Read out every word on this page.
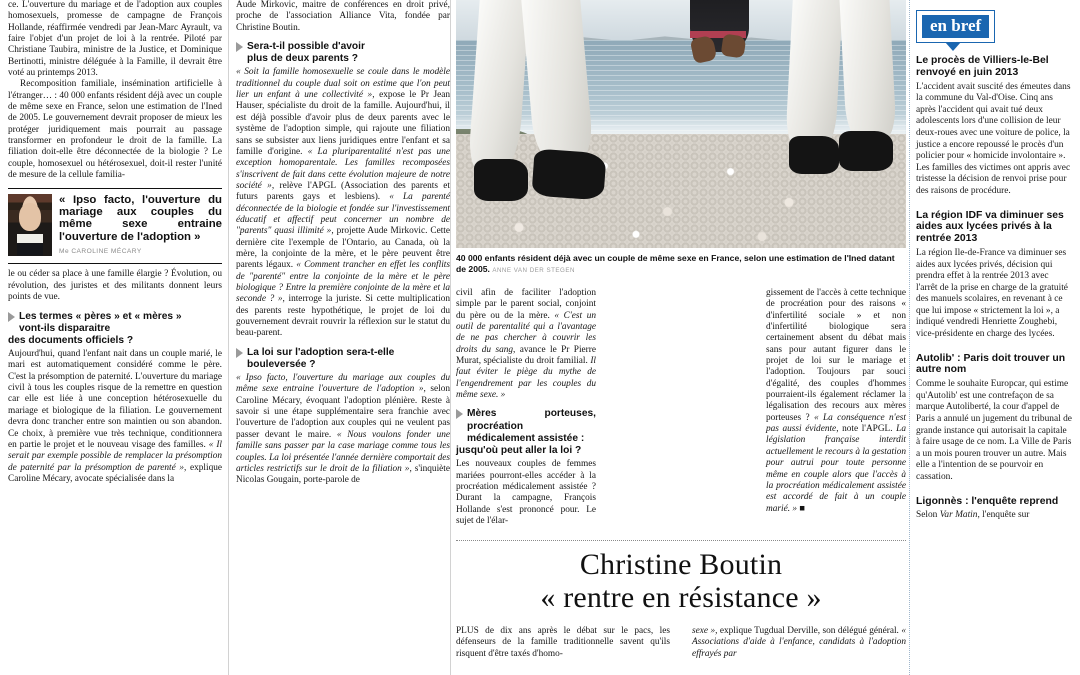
ce. L'ouverture du mariage et de l'adoption aux couples homosexuels, promesse de campagne de François Hollande, réaffirmée vendredi par Jean-Marc Ayrault, va faire l'objet d'un projet de loi à la rentrée. Piloté par Christiane Taubira, ministre de la Justice, et Dominique Bertinotti, ministre déléguée à la Famille, il devrait être voté au printemps 2013.

Recomposition familiale, insémination artificielle à l'étranger… : 40 000 enfants résident déjà avec un couple de même sexe en France, selon une estimation de l'Ined de 2005. Le gouvernement devrait proposer de mieux les protéger juridiquement mais pourrait au passage transformer en profondeur le droit de la famille. La filiation doit-elle être déconnectée de la biologie ? Le couple, homosexuel ou hétérosexuel, doit-il rester l'unité de mesure de la cellule familia-

« Ipso facto, l'ouverture du mariage aux couples du même sexe entraine l'ouverture de l'adoption »
Me CAROLINE MÉCARY

le ou céder sa place à une famille élargie ? Évolution, ou révolution, des juristes et des militants donnent leurs points de vue.

Les termes « pères » et « mères »
vont-ils disparaitre
des documents officiels ?

Aujourd'hui, quand l'enfant nait dans un couple marié, le mari est automatiquement considéré comme le père. C'est la présomption de paternité. L'ouverture du mariage civil à tous les couples risque de la remettre en question car elle est liée à une conception hétérosexuelle du mariage et biologique de la filiation. Le gouvernement devra donc trancher entre son maintien ou son abandon. Ce choix, à première vue très technique, conditionnera en partie le projet et le nouveau visage des familles. « Il serait par exemple possible de remplacer la présomption de paternité par la présomption de parenté », explique Caroline Mécary, avocate spécialisée dans la

Aude Mirkovic, maitre de conférences en droit privé, proche de l'association Alliance Vita, fondée par Christine Boutin.

Sera-t-il possible d'avoir
plus de deux parents ?

« Soit la famille homosexuelle se coule dans le modèle traditionnel du couple dual soit on estime que l'on peut lier un enfant à une collectivité », expose le Pr Jean Hauser, spécialiste du droit de la famille. Aujourd'hui, il est déjà possible d'avoir plus de deux parents avec le système de l'adoption simple, qui rajoute une filiation sans se subsister aux liens juridiques entre l'enfant et sa famille d'origine. « La pluriparentalité n'est pas une exception homoparentale. Les familles recomposées s'inscrivent de fait dans cette évolution majeure de notre société », relève l'APGL (Association des parents et futurs parents gays et lesbiens). « La parenté déconnectée de la biologie et fondée sur l'investissement éducatif et affectif peut concerner un nombre de "parents" quasi illimité », projette Aude Mirkovic. Cette dernière cite l'exemple de l'Ontario, au Canada, où la mère, la conjointe de la mère, et le père peuvent être parents légaux. « Comment trancher en effet les conflits de "parenté" entre la conjointe de la mère et le père biologique ? Entre la première conjointe de la mère et la seconde ? », interroge la juriste. Si cette multiplication des parents reste hypothétique, le projet de loi du gouvernement devrait rouvrir la réflexion sur le statut du beau-parent.

La loi sur l'adoption sera-t-elle
bouleversée ?

« Ipso facto, l'ouverture du mariage aux couples du même sexe entraine l'ouverture de l'adoption », selon Caroline Mécary, évoquant l'adoption plénière. Reste à savoir si une étape supplémentaire sera franchie avec l'ouverture de l'adoption aux couples qui ne veulent pas passer devant le maire. « Nous voulons fonder une famille sans passer par la case mariage comme tous les couples. La loi présentée l'année dernière comportait des articles restrictifs sur le droit de la filiation », s'inquiète Nicolas Gougain, porte-parole de

40 000 enfants résident déjà avec un couple de même sexe en France, selon une estimation de l'Ined datant de 2005. ANNE VAN DER STEGEN

civil afin de faciliter l'adoption simple par le parent social, conjoint du père ou de la mère. « C'est un outil de parentalité qui a l'avantage de ne pas chercher à couvrir les droits du sang, avance le Pr Pierre Murat, spécialiste du droit familial. Il faut éviter le piège du mythe de l'engendrement par les couples du même sexe. »

Mères porteuses, procréation
médicalement assistée :
jusqu'où peut aller la loi ?

Les nouveaux couples de femmes mariées pourront-elles accéder à la procréation médicalement assistée ? Durant la campagne, François Hollande s'est prononcé pour. Le sujet de l'élar-

gissement de l'accès à cette technique de procréation pour des raisons « d'infertilité sociale » et non d'infertilité biologique sera certainement absent du débat mais sans pour autant figurer dans le projet de loi sur le mariage et l'adoption. Toujours par souci d'égalité, des couples d'hommes pourraient-ils également réclamer la légalisation des recours aux mères porteuses ? « La conséquence n'est pas aussi évidente, note l'APGL. La législation française interdit actuellement le recours à la gestation pour autrui pour toute personne même en couple alors que l'accès à la procréation médicalement assistée est accordé de fait à un couple marié. » ■

Christine Boutin
« rentre en résistance »

PLUS de dix ans après le débat sur le pacs, les défenseurs de la famille traditionnelle savent qu'ils risquent d'être taxés d'homo-

sexe », explique Tugdual Derville, son délégué général. « Associations d'aide à l'enfance, candidats à l'adoption effrayés par

en bref
Le procès de Villiers-le-Bel renvoyé en juin 2013

L'accident avait suscité des émeutes dans la commune du Val-d'Oise. Cinq ans après l'accident qui avait tué deux adolescents lors d'une collision de leur deux-roues avec une voiture de police, la justice a encore repoussé le procès d'un policier pour « homicide involontaire ». Les familles des victimes ont appris avec tristesse la décision de renvoi prise pour des raisons de procédure.

La région IDF va diminuer ses aides aux lycées privés à la rentrée 2013

La région Ile-de-France va diminuer ses aides aux lycées privés, décision qui prendra effet à la rentrée 2013 avec l'arrêt de la prise en charge de la gratuité des manuels scolaires, en revenant à ce que lui impose « strictement la loi », a indiqué vendredi Henriette Zoughebi, vice-présidente en charge des lycées.

Autolib' : Paris doit trouver un autre nom

Comme le souhaite Europcar, qui estime qu'Autolib' est une contrefaçon de sa marque Autoliberté, la cour d'appel de Paris a annulé un jugement du tribunal de grande instance qui autorisait la capitale à faire usage de ce nom. La Ville de Paris a un mois pouren trouver un autre. Mais elle a l'intention de se pourvoir en cassation.

Ligonnès : l'enquête reprend

Selon Var Matin, l'enquête sur
